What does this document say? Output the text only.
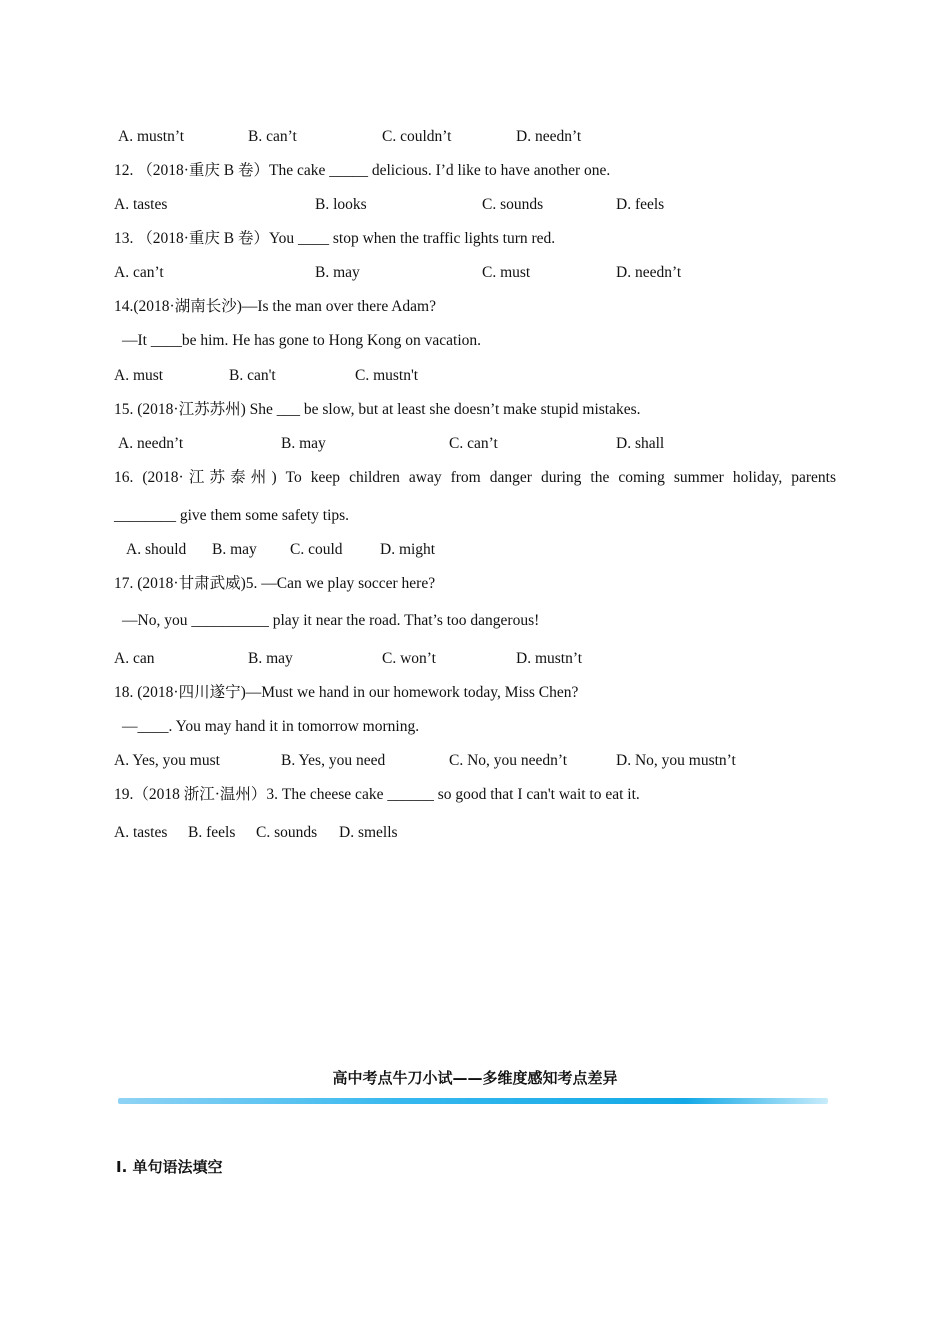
A. mustn’t	B. can’t	C. couldn’t	D. needn’t
12. （2018·重庆 B 卷）The cake _____ delicious. I’d like to have another one.
A. tastes	B. looks	C. sounds	D. feels
13. （2018·重庆 B 卷）You ____ stop when the traffic lights turn red.
A. can’t	B. may	C. must	D. needn’t
14.(2018·湖南长沙)—Is the man over there Adam?
—It ____be him. He has gone to Hong Kong on vacation.
A. must	B. can't	C. mustn't
15. (2018·江苏苏州) She ___ be slow, but at least she doesn’t make stupid mistakes.
A. needn’t	B. may	C. can’t	D. shall
16. (2018·江苏泰州) To keep children away from danger during the coming summer holiday, parents
________ give them some safety tips.
A. should B. may C. could D. might
17. (2018·甘肃武威)5. —Can we play soccer here?
—No, you __________ play it near the road. That’s too dangerous!
A. can	B. may	C. won’t	D. mustn’t
18. (2018·四川遂宁)—Must we hand in our homework today, Miss Chen?
—____. You may hand it in tomorrow morning.
A. Yes, you must	B. Yes, you need	C. No, you needn’t	D. No, you mustn’t
19.（2018 浙江·温州）3. The cheese cake ______ so good that I can't wait to eat it.
A. tastes B. feels C. sounds D. smells
高中考点牛刀小试——多维度感知考点差异
Ⅰ. 单句语法填空
